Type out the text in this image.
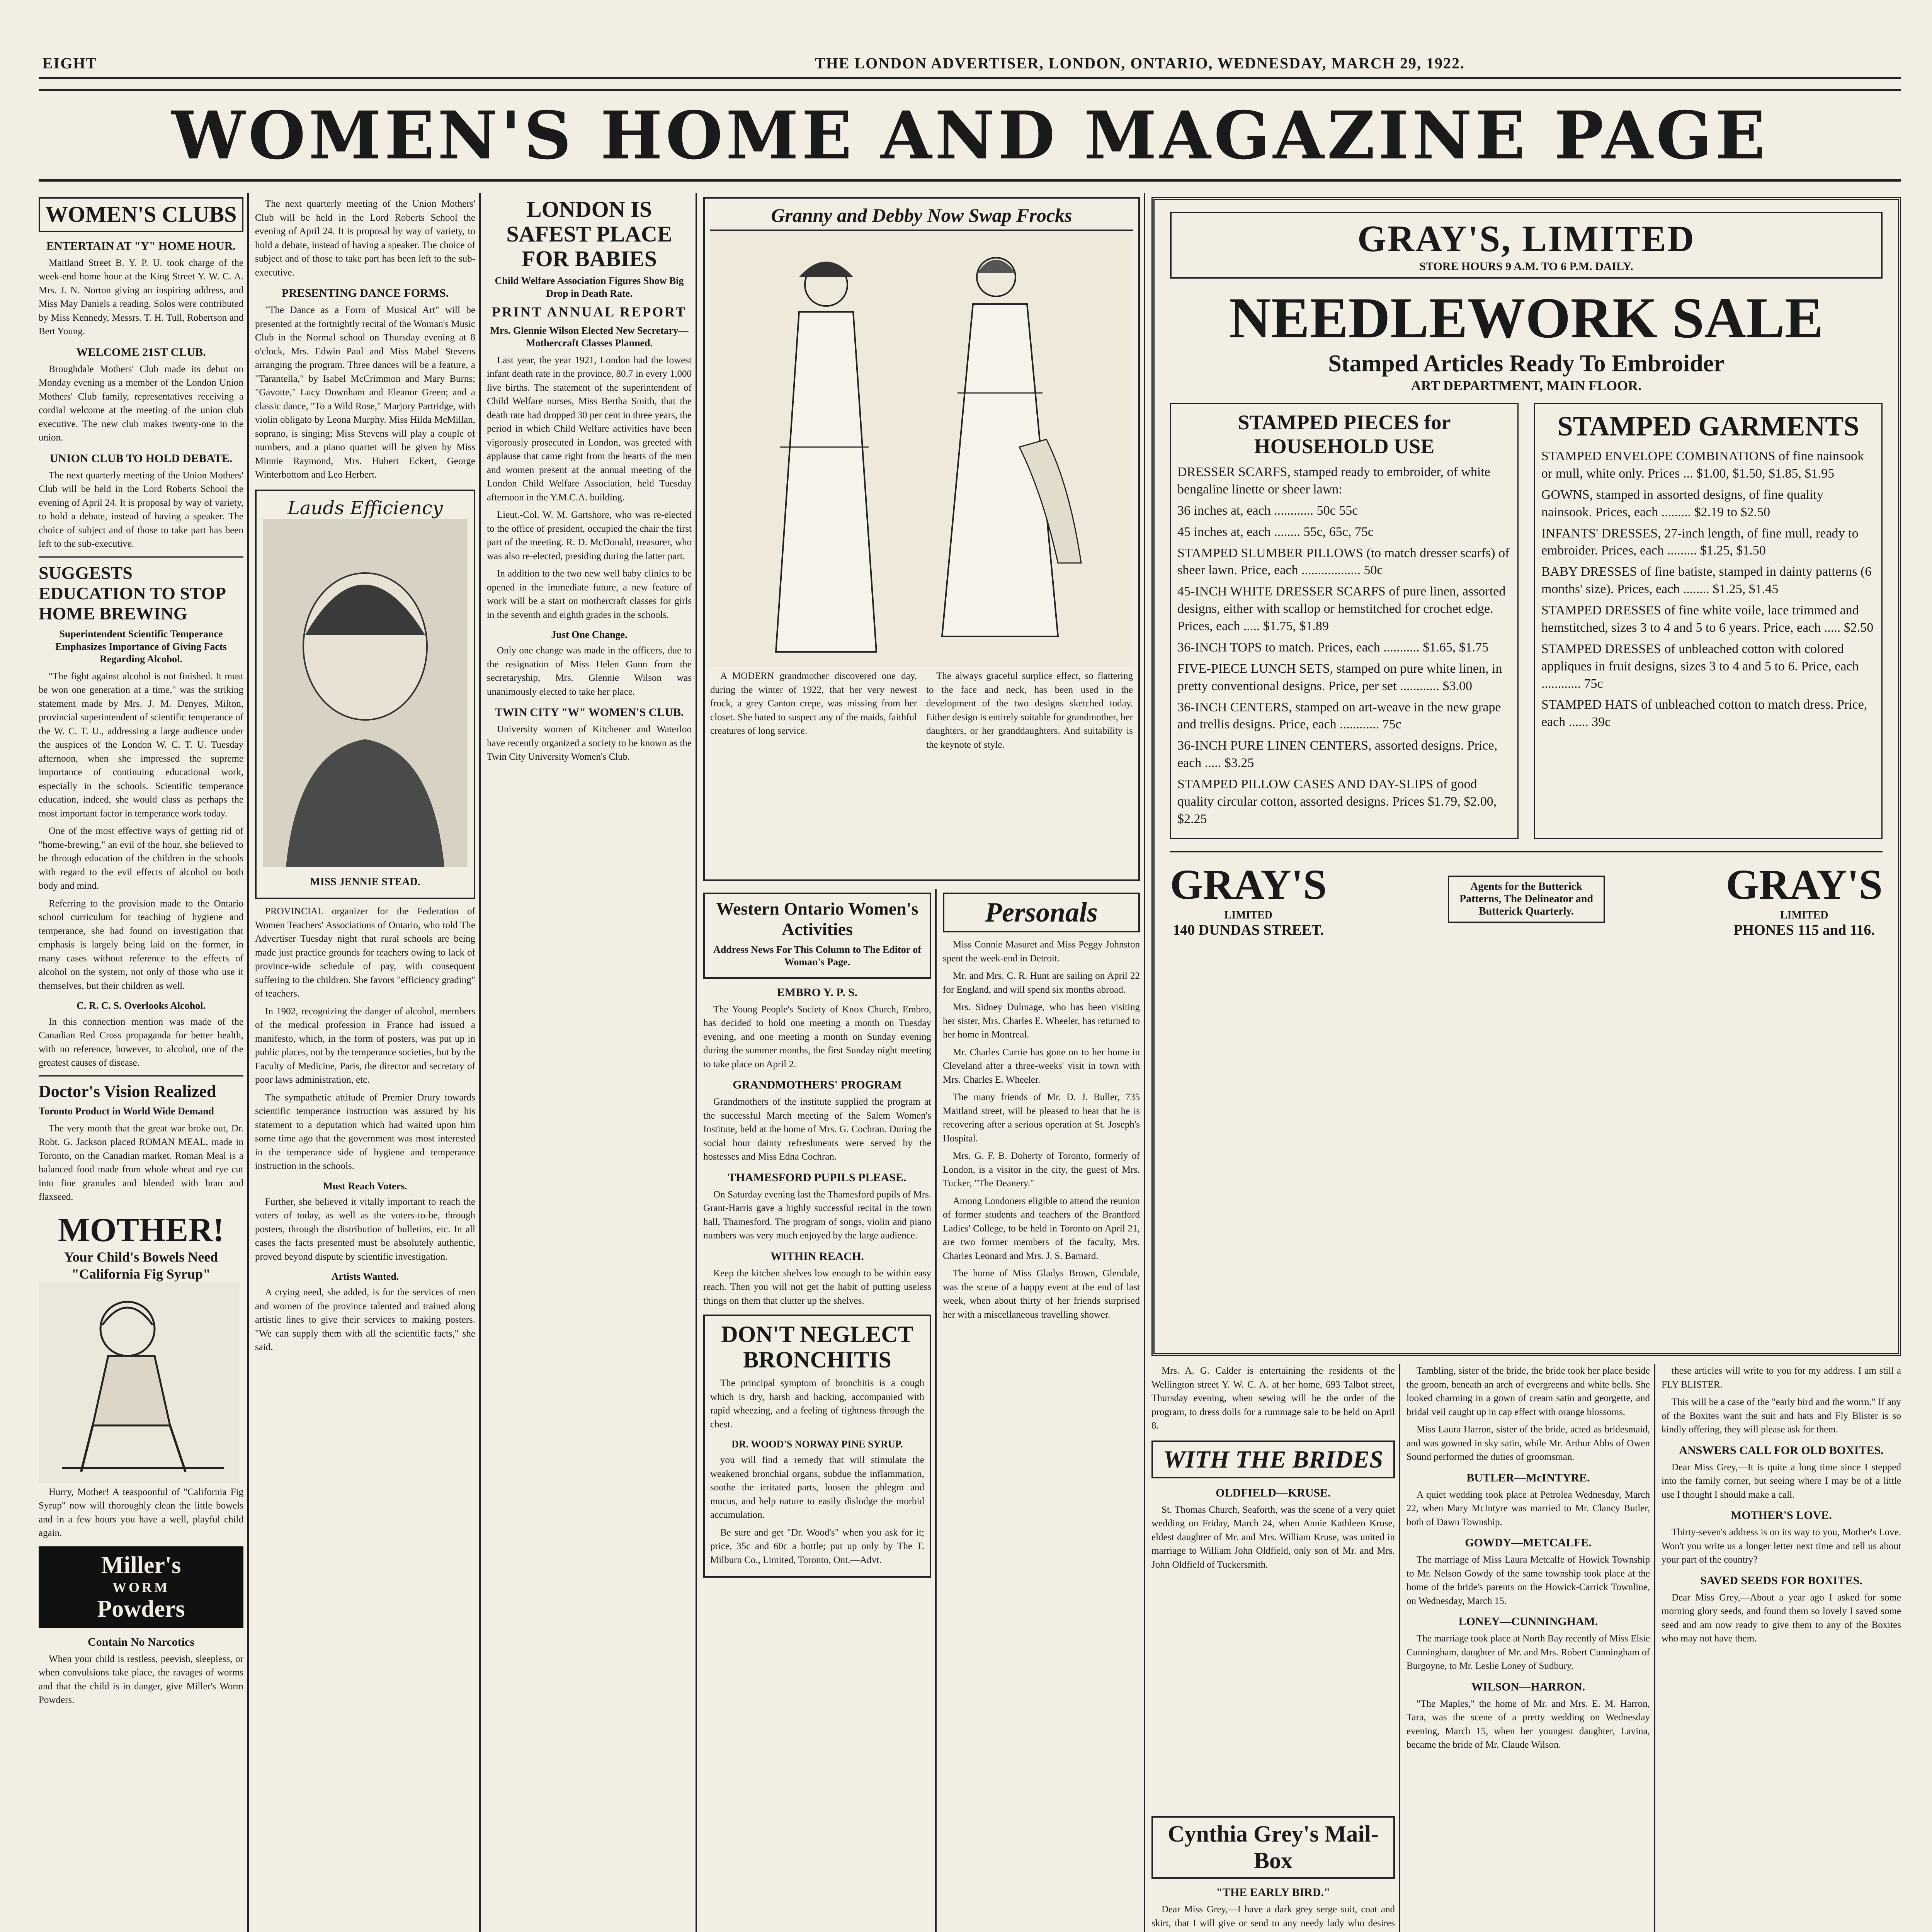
EIGHT	THE LONDON ADVERTISER, LONDON, ONTARIO, WEDNESDAY, MARCH 29, 1922.
WOMEN'S HOME AND MAGAZINE PAGE
WOMEN'S CLUBS
ENTERTAIN AT "Y" HOME HOUR.

Maitland Street B. Y. P. U. took charge of the week-end home hour at the King Street Y. W. C. A. Mrs. J. N. Norton giving an inspiring address, and Miss May Daniels a reading. Solos were contributed by Miss Kennedy, Messrs. T. H. Tull, Robertson and Bert Young.

WELCOME 21ST CLUB.

Broughdale Mothers' Club made its debut on Monday evening as a member of the London Union Mothers' Club family, representatives receiving a cordial welcome at the meeting of the union club executive. The new club makes twenty-one in the union.

UNION CLUB TO HOLD DEBATE.

The next quarterly meeting of the Union Mothers' Club will be held in the Lord Roberts School the evening of April 24. It is proposal by way of variety, to hold a debate, instead of having a speaker. The choice of subject and of those to take part has been left to the sub-executive.

SUGGESTS EDUCATION TO STOP HOME BREWING
Superintendent Scientific Temperance Emphasizes Importance of Giving Facts Regarding Alcohol.

"The fight against alcohol is not finished. It must be won one generation at a time," was the striking statement made by Mrs. J. M. Denyes, Milton, provincial superintendent of scientific temperance of the W. C. T. U., addressing a large audience under the auspices of the London W. C. T. U. Tuesday afternoon, when she impressed the supreme importance of continuing educational work, especially in the schools. Scientific temperance education, indeed, she would class as perhaps the most important factor in temperance work today.

One of the most effective ways of getting rid of "home-brewing," an evil of the hour, she believed to be through education of the children in the schools with regard to the evil effects of alcohol on both body and mind.

Referring to the provision made to the Ontario school curriculum for teaching of hygiene and temperance, she had found on investigation that emphasis is largely being laid on the former, in many cases without reference to the effects of alcohol on the system, not only of those who use it themselves, but their children as well.

C. R. C. S. Overlooks Alcohol.

In this connection mention was made of the Canadian Red Cross propaganda for better health, with no reference, however, to alcohol, one of the greatest causes of disease.

Doctor's Vision Realized
Toronto Product in World Wide Demand

The very month that the great war broke out, Dr. Robt. G. Jackson placed ROMAN MEAL, made in Toronto, on the Canadian market. Roman Meal is a balanced food made from whole wheat and rye cut into fine granules and blended with bran and flaxseed.

MOTHER!
Your Child's Bowels Need "California Fig Syrup"

Hurry, Mother! A teaspoonful of "California Fig Syrup" now will thoroughly clean the little bowels and in a few hours you have a well, playful child again.

Miller's
WORM
Powders
Contain No Narcotics

When your child is restless, peevish, sleepless, or when convulsions take place, the ravages of worms and that the child is in danger, give Miller's Worm Powders.

The next quarterly meeting of the Union Mothers' Club will be held in the Lord Roberts School the evening of April 24. It is proposal by way of variety, to hold a debate, instead of having a speaker. The choice of subject and of those to take part has been left to the sub-executive.

PRESENTING DANCE FORMS.

"The Dance as a Form of Musical Art" will be presented at the fortnightly recital of the Woman's Music Club in the Normal school on Thursday evening at 8 o'clock, Mrs. Edwin Paul and Miss Mabel Stevens arranging the program. Three dances will be a feature, a "Tarantella," by Isabel McCrimmon and Mary Burns; "Gavotte," Lucy Downham and Eleanor Green; and a classic dance, "To a Wild Rose," Marjory Partridge, with violin obligato by Leona Murphy. Miss Hilda McMillan, soprano, is singing; Miss Stevens will play a couple of numbers, and a piano quartet will be given by Miss Minnie Raymond, Mrs. Hubert Eckert, George Winterbottom and Leo Herbert.

Lauds Efficiency
MISS JENNIE STEAD.

PROVINCIAL organizer for the Federation of Women Teachers' Associations of Ontario, who told The Advertiser Tuesday night that rural schools are being made just practice grounds for teachers owing to lack of province-wide schedule of pay, with consequent suffering to the children. She favors "efficiency grading" of teachers.

In 1902, recognizing the danger of alcohol, members of the medical profession in France had issued a manifesto, which, in the form of posters, was put up in public places, not by the temperance societies, but by the Faculty of Medicine, Paris, the director and secretary of poor laws administration, etc.

The sympathetic attitude of Premier Drury towards scientific temperance instruction was assured by his statement to a deputation which had waited upon him some time ago that the government was most interested in the temperance side of hygiene and temperance instruction in the schools.

Must Reach Voters.

Further, she believed it vitally important to reach the voters of today, as well as the voters-to-be, through posters, through the distribution of bulletins, etc. In all cases the facts presented must be absolutely authentic, proved beyond dispute by scientific investigation.

Artists Wanted.

A crying need, she added, is for the services of men and women of the province talented and trained along artistic lines to give their services to making posters. "We can supply them with all the scientific facts," she said.

LONDON IS SAFEST PLACE FOR BABIES
Child Welfare Association Figures Show Big Drop in Death Rate.
PRINT ANNUAL REPORT
Mrs. Glennie Wilson Elected New Secretary—Mothercraft Classes Planned.

Last year, the year 1921, London had the lowest infant death rate in the province, 80.7 in every 1,000 live births. The statement of the superintendent of Child Welfare nurses, Miss Bertha Smith, that the death rate had dropped 30 per cent in three years, the period in which Child Welfare activities have been vigorously prosecuted in London, was greeted with applause that came right from the hearts of the men and women present at the annual meeting of the London Child Welfare Association, held Tuesday afternoon in the Y.M.C.A. building.

Lieut.-Col. W. M. Gartshore, who was re-elected to the office of president, occupied the chair the first part of the meeting. R. D. McDonald, treasurer, who was also re-elected, presiding during the latter part.

In addition to the two new well baby clinics to be opened in the immediate future, a new feature of work will be a start on mothercraft classes for girls in the seventh and eighth grades in the schools.

Just One Change.

Only one change was made in the officers, due to the resignation of Miss Helen Gunn from the secretaryship, Mrs. Glennie Wilson was unanimously elected to take her place.

TWIN CITY "W" WOMEN'S CLUB.

University women of Kitchener and Waterloo have recently organized a society to be known as the Twin City University Women's Club.

Granny and Debby Now Swap Frocks

A MODERN grandmother discovered one day, during the winter of 1922, that her very newest frock, a grey Canton crepe, was missing from her closet. She hated to suspect any of the maids, faithful creatures of long service.

The always graceful surplice effect, so flattering to the face and neck, has been used in the development of the two designs sketched today. Either design is entirely suitable for grandmother, her daughters, or her granddaughters. And suitability is the keynote of style.

Western Ontario Women's Activities
Address News For This Column to The Editor of Woman's Page.
EMBRO Y. P. S.

The Young People's Society of Knox Church, Embro, has decided to hold one meeting a month on Tuesday evening, and one meeting a month on Sunday evening during the summer months, the first Sunday night meeting to take place on April 2.

GRANDMOTHERS' PROGRAM

Grandmothers of the institute supplied the program at the successful March meeting of the Salem Women's Institute, held at the home of Mrs. G. Cochran. During the social hour dainty refreshments were served by the hostesses and Miss Edna Cochran.

THAMESFORD PUPILS PLEASE.

On Saturday evening last the Thamesford pupils of Mrs. Grant-Harris gave a highly successful recital in the town hall, Thamesford. The program of songs, violin and piano numbers was very much enjoyed by the large audience.

WITHIN REACH.

Keep the kitchen shelves low enough to be within easy reach. Then you will not get the habit of putting useless things on them that clutter up the shelves.

DON'T NEGLECT BRONCHITIS

The principal symptom of bronchitis is a cough which is dry, harsh and hacking, accompanied with rapid wheezing, and a feeling of tightness through the chest.

DR. WOOD'S NORWAY PINE SYRUP.

you will find a remedy that will stimulate the weakened bronchial organs, subdue the inflammation, soothe the irritated parts, loosen the phlegm and mucus, and help nature to easily dislodge the morbid accumulation.

Be sure and get "Dr. Wood's" when you ask for it; price, 35c and 60c a bottle; put up only by The T. Milburn Co., Limited, Toronto, Ont.—Advt.

Personals

Miss Connie Masuret and Miss Peggy Johnston spent the week-end in Detroit.

Mr. and Mrs. C. R. Hunt are sailing on April 22 for England, and will spend six months abroad.

Mrs. Sidney Dulmage, who has been visiting her sister, Mrs. Charles E. Wheeler, has returned to her home in Montreal.

Mr. Charles Currie has gone on to her home in Cleveland after a three-weeks' visit in town with Mrs. Charles E. Wheeler.

The many friends of Mr. D. J. Buller, 735 Maitland street, will be pleased to hear that he is recovering after a serious operation at St. Joseph's Hospital.

Mrs. G. F. B. Doherty of Toronto, formerly of London, is a visitor in the city, the guest of Mrs. Tucker, "The Deanery."

Among Londoners eligible to attend the reunion of former students and teachers of the Brantford Ladies' College, to be held in Toronto on April 21, are two former members of the faculty, Mrs. Charles Leonard and Mrs. J. S. Barnard.

The home of Miss Gladys Brown, Glendale, was the scene of a happy event at the end of last week, when about thirty of her friends surprised her with a miscellaneous travelling shower.

GRAY'S, LIMITED
STORE HOURS 9 A.M. TO 6 P.M. DAILY.
NEEDLEWORK SALE
Stamped Articles Ready To Embroider
ART DEPARTMENT, MAIN FLOOR.
STAMPED PIECES for HOUSEHOLD USE
DRESSER SCARFS, stamped ready to embroider, of white bengaline linette or sheer lawn:
36 inches at, each ............ 50c 55c
45 inches at, each ........ 55c, 65c, 75c
STAMPED SLUMBER PILLOWS (to match dresser scarfs) of sheer lawn. Price, each .................. 50c
45-INCH WHITE DRESSER SCARFS of pure linen, assorted designs, either with scallop or hemstitched for crochet edge. Prices, each ..... $1.75, $1.89
36-INCH TOPS to match. Prices, each ........... $1.65, $1.75
FIVE-PIECE LUNCH SETS, stamped on pure white linen, in pretty conventional designs. Price, per set ............ $3.00
36-INCH CENTERS, stamped on art-weave in the new grape and trellis designs. Price, each ............ 75c
36-INCH PURE LINEN CENTERS, assorted designs. Price, each ..... $3.25
STAMPED PILLOW CASES AND DAY-SLIPS of good quality circular cotton, assorted designs. Prices $1.79, $2.00, $2.25
STAMPED GARMENTS
STAMPED ENVELOPE COMBINATIONS of fine nainsook or mull, white only. Prices ... $1.00, $1.50, $1.85, $1.95
GOWNS, stamped in assorted designs, of fine quality nainsook. Prices, each ......... $2.19 to $2.50
INFANTS' DRESSES, 27-inch length, of fine mull, ready to embroider. Prices, each ......... $1.25, $1.50
BABY DRESSES of fine batiste, stamped in dainty patterns (6 months' size). Prices, each ........ $1.25, $1.45
STAMPED DRESSES of fine white voile, lace trimmed and hemstitched, sizes 3 to 4 and 5 to 6 years. Price, each ..... $2.50
STAMPED DRESSES of unbleached cotton with colored appliques in fruit designs, sizes 3 to 4 and 5 to 6. Price, each ............ 75c
STAMPED HATS of unbleached cotton to match dress. Price, each ...... 39c
GRAY'S
LIMITED
140 DUNDAS STREET.
Agents for the Butterick Patterns, The Delineator and Butterick Quarterly.
GRAY'S
LIMITED
PHONES 115 and 116.

Mrs. A. G. Calder is entertaining the residents of the Wellington street Y. W. C. A. at her home, 693 Talbot street, Thursday evening, when sewing will be the order of the program, to dress dolls for a rummage sale to be held on April 8.

WITH THE BRIDES
OLDFIELD—KRUSE.

St. Thomas Church, Seaforth, was the scene of a very quiet wedding on Friday, March 24, when Annie Kathleen Kruse, eldest daughter of Mr. and Mrs. William Kruse, was united in marriage to William John Oldfield, only son of Mr. and Mrs. John Oldfield of Tuckersmith.

Tambling, sister of the bride, the bride took her place beside the groom, beneath an arch of evergreens and white bells. She looked charming in a gown of cream satin and georgette, and bridal veil caught up in cap effect with orange blossoms.

Miss Laura Harron, sister of the bride, acted as bridesmaid, and was gowned in sky satin, while Mr. Arthur Abbs of Owen Sound performed the duties of groomsman.

BUTLER—McINTYRE.

A quiet wedding took place at Petrolea Wednesday, March 22, when Mary McIntyre was married to Mr. Clancy Butler, both of Dawn Township.

GOWDY—METCALFE.

The marriage of Miss Laura Metcalfe of Howick Township to Mr. Nelson Gowdy of the same township took place at the home of the bride's parents on the Howick-Carrick Townline, on Wednesday, March 15.

LONEY—CUNNINGHAM.

The marriage took place at North Bay recently of Miss Elsie Cunningham, daughter of Mr. and Mrs. Robert Cunningham of Burgoyne, to Mr. Leslie Loney of Sudbury.

WILSON—HARRON.

"The Maples," the home of Mr. and Mrs. E. M. Harron, Tara, was the scene of a pretty wedding on Wednesday evening, March 15, when her youngest daughter, Lavina, became the bride of Mr. Claude Wilson.

these articles will write to you for my address. I am still a FLY BLISTER.

This will be a case of the "early bird and the worm." If any of the Boxites want the suit and hats and Fly Blister is so kindly offering, they will please ask for them.

ANSWERS CALL FOR OLD BOXITES.

Dear Miss Grey,—It is quite a long time since I stepped into the family corner, but seeing where I may be of a little use I thought I should make a call.

MOTHER'S LOVE.

Thirty-seven's address is on its way to you, Mother's Love. Won't you write us a longer letter next time and tell us about your part of the country?

SAVED SEEDS FOR BOXITES.

Dear Miss Grey,—About a year ago I asked for some morning glory seeds, and found them so lovely I saved some seed and am now ready to give them to any of the Boxites who may not have them.

Cynthia Grey's Mail-Box
"THE EARLY BIRD."

Dear Miss Grey,—I have a dark grey serge suit, coat and skirt, that I will give or send to any needy lady who desires
